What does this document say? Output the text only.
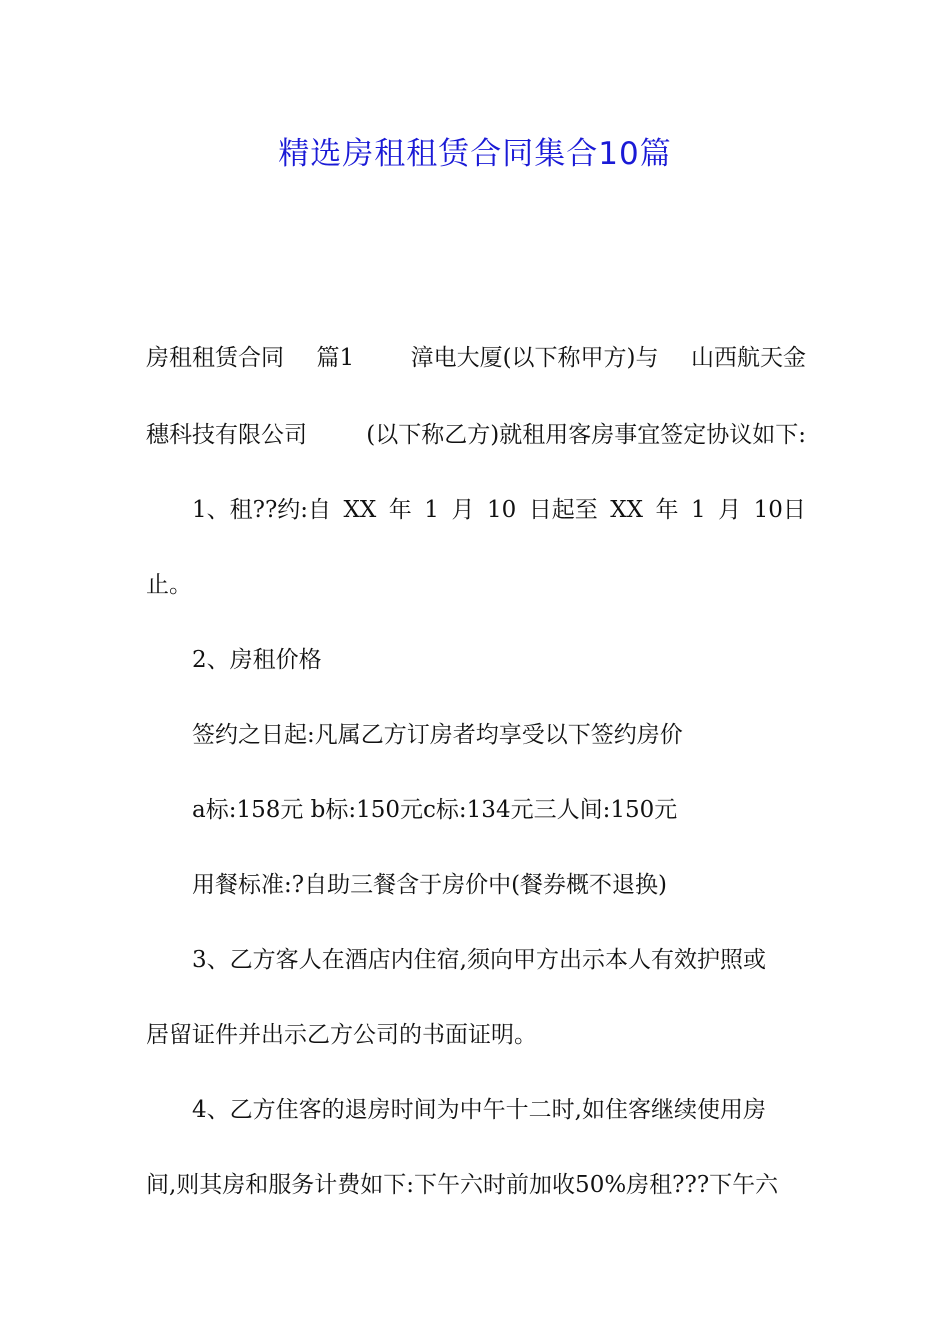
精选房租租赁合同集合10篇
房租租赁合同 篇1 漳电大厦(以下称甲方)与 山西航天金
穗科技有限公司	(以下称乙方)就租用客房事宜签定协议如下:
1、租??约:自 XX 年 1 月 10 日起至 XX 年 1 月 10日
止。
2、房租价格
签约之日起:凡属乙方订房者均享受以下签约房价
a标:158元 b标:150元c标:134元三人间:150元
用餐标准:?自助三餐含于房价中(餐券概不退换)
3、乙方客人在酒店内住宿,须向甲方出示本人有效护照或
居留证件并出示乙方公司的书面证明。
4、乙方住客的退房时间为中午十二时,如住客继续使用房
间,则其房和服务计费如下:下午六时前加收50%房租???下午六
